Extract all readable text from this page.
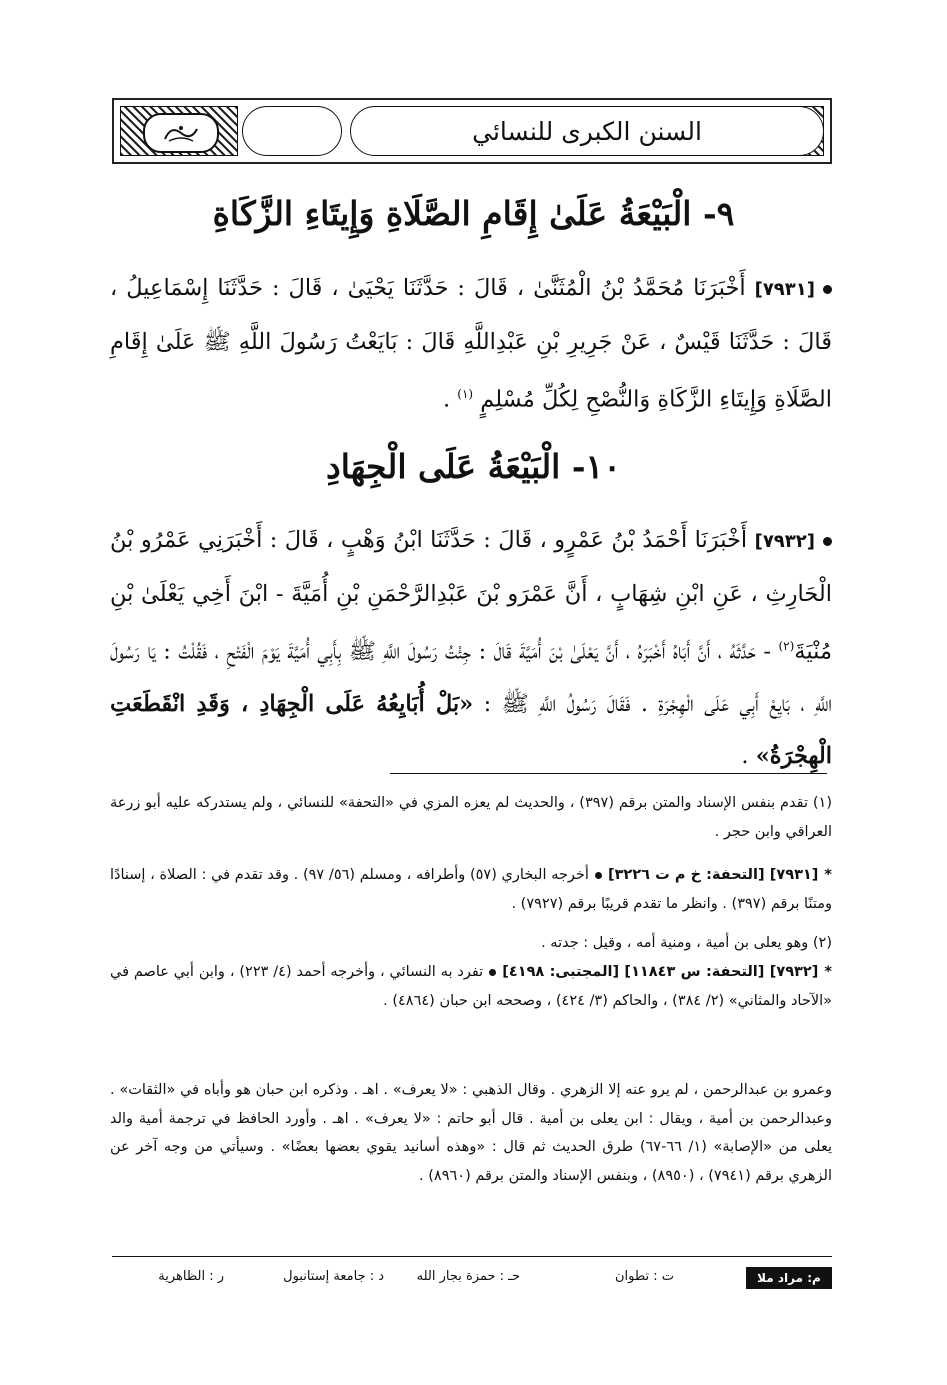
السنن الكبرى للنسائي
٩- الْبَيْعَةُ عَلَىٰ إِقَامِ الصَّلَاةِ وَإِيتَاءِ الزَّكَاةِ
[٧٩٣١] أَخْبَرَنَا مُحَمَّدُ بْنُ الْمُثَنَّىٰ ، قَالَ : حَدَّثَنَا يَحْيَىٰ ، قَالَ : حَدَّثَنَا إِسْمَاعِيلُ ، قَالَ : حَدَّثَنَا قَيْسٌ ، عَنْ جَرِيرِ بْنِ عَبْدِاللَّهِ قَالَ : بَايَعْتُ رَسُولَ اللَّهِ ﷺ عَلَىٰ إِقَامِ الصَّلَاةِ وَإِيتَاءِ الزَّكَاةِ وَالنُّصْحِ لِكُلِّ مُسْلِمٍ $^{(١)}$ .
١٠- الْبَيْعَةُ عَلَى الْجِهَادِ
[٧٩٣٢] أَخْبَرَنَا أَحْمَدُ بْنُ عَمْرٍو ، قَالَ : حَدَّثَنَا ابْنُ وَهْبٍ ، قَالَ : أَخْبَرَنِي عَمْرُو بْنُ الْحَارِثِ ، عَنِ ابْنِ شِهَابٍ ، أَنَّ عَمْرَو بْنَ عَبْدِالرَّحْمَنِ بْنِ أُمَيَّةَ - ابْنَ أَخِي يَعْلَىٰ بْنِ مُنْيَةَ$^{(٢)}$ - حَدَّثَهُ ، أَنَّ أَبَاهُ أَخْبَرَهُ ، أَنَّ يَعْلَىٰ بْنَ أُمَيَّةَ قَالَ : جِئْتُ رَسُولَ اللَّهِ ﷺ بِأَبِي أُمَيَّةَ يَوْمَ الْفَتْحِ ، فَقُلْتُ : يَا رَسُولَ اللَّهِ ، بَايِعْ أَبِي عَلَى الْهِجْرَةِ . فَقَالَ رَسُولُ اللَّهِ ﷺ : «بَلْ أُبَايِعُهُ عَلَى الْجِهَادِ ، وَقَدِ انْقَطَعَتِ الْهِجْرَةُ» .
(١) تقدم بنفس الإسناد والمتن برقم (٣٩٧) ، والحديث لم يعزه المزي في «التحفة» للنسائي ، ولم يستدركه عليه أبو زرعة العراقي وابن حجر .
*[٧٩٣١] [التحفة: خ م ت ٣٢٢٦]أخرجه البخاري (٥٧) وأطرافه ، ومسلم (٥٦/ ٩٧) . وقد تقدم في : الصلاة ، إسنادًا ومتنًا برقم (٣٩٧) . وانظر ما تقدم قريبًا برقم (٧٩٢٧) .
(٢) وهو يعلى بن أمية ، ومنية أمه ، وقيل : جدته .
*[٧٩٣٢] [التحفة: س ١١٨٤٣] [المجتبى: ٤١٩٨]تفرد به النسائي ، وأخرجه أحمد (٤/ ٢٢٣) ، وابن أبي عاصم في «الآحاد والمثاني» (٢/ ٣٨٤) ، والحاكم (٣/ ٤٢٤) ، وصححه ابن حبان (٤٨٦٤) .
وعمرو بن عبدالرحمن ، لم يرو عنه إلا الزهري . وقال الذهبي : «لا يعرف» . اهـ . وذكره ابن حبان هو وأباه في «الثقات» . وعبدالرحمن بن أمية ، ويقال : ابن يعلى بن أمية . قال أبو حاتم : «لا يعرف» . اهـ . وأورد الحافظ في ترجمة أمية والد يعلى من «الإصابة» (١/ ٦٦-٦٧) طرق الحديث ثم قال : «وهذه أسانيد يقوي بعضها بعضًا» . وسيأتي من وجه آخر عن الزهري برقم (٧٩٤١) ، (٨٩٥٠) ، وبنفس الإسناد والمتن برقم (٨٩٦٠) .
م: مراد ملا
ت : تطوان
حـ : حمزة بجار الله
د : جامعة إستانبول
ر : الظاهرية
